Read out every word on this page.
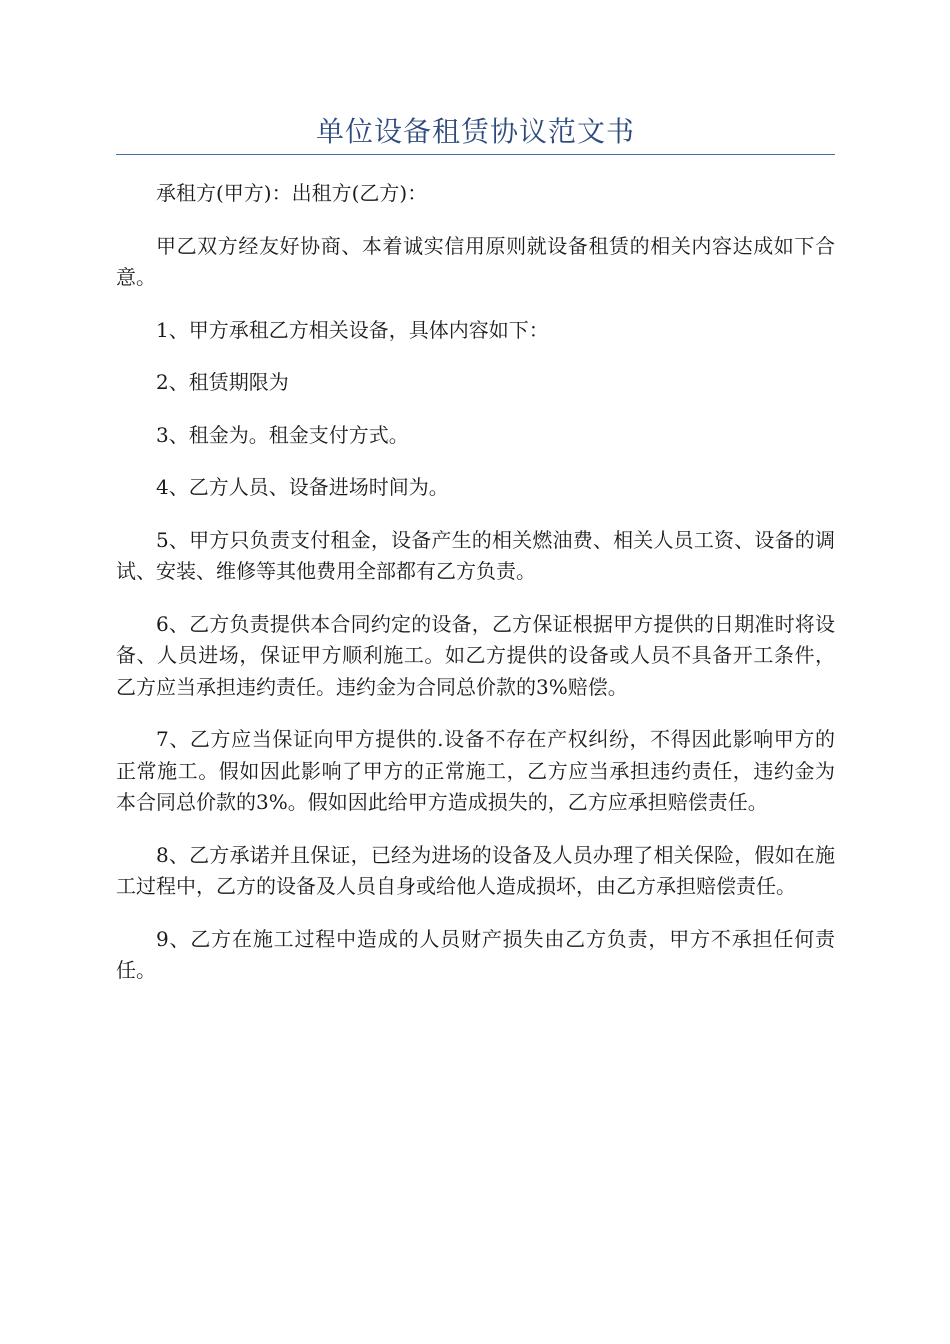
单位设备租赁协议范文书

承租方(甲方)：出租方(乙方)：

甲乙双方经友好协商、本着诚实信用原则就设备租赁的相关内容达成如下合意。

1、甲方承租乙方相关设备，具体内容如下：

2、租赁期限为

3、租金为。租金支付方式。

4、乙方人员、设备进场时间为。

5、甲方只负责支付租金，设备产生的相关燃油费、相关人员工资、设备的调试、安装、维修等其他费用全部都有乙方负责。

6、乙方负责提供本合同约定的设备，乙方保证根据甲方提供的日期准时将设备、人员进场，保证甲方顺利施工。如乙方提供的设备或人员不具备开工条件，乙方应当承担违约责任。违约金为合同总价款的3%赔偿。

7、乙方应当保证向甲方提供的.设备不存在产权纠纷，不得因此影响甲方的正常施工。假如因此影响了甲方的正常施工，乙方应当承担违约责任，违约金为本合同总价款的3%。假如因此给甲方造成损失的，乙方应承担赔偿责任。

8、乙方承诺并且保证，已经为进场的设备及人员办理了相关保险，假如在施工过程中，乙方的设备及人员自身或给他人造成损坏，由乙方承担赔偿责任。

9、乙方在施工过程中造成的人员财产损失由乙方负责，甲方不承担任何责任。
